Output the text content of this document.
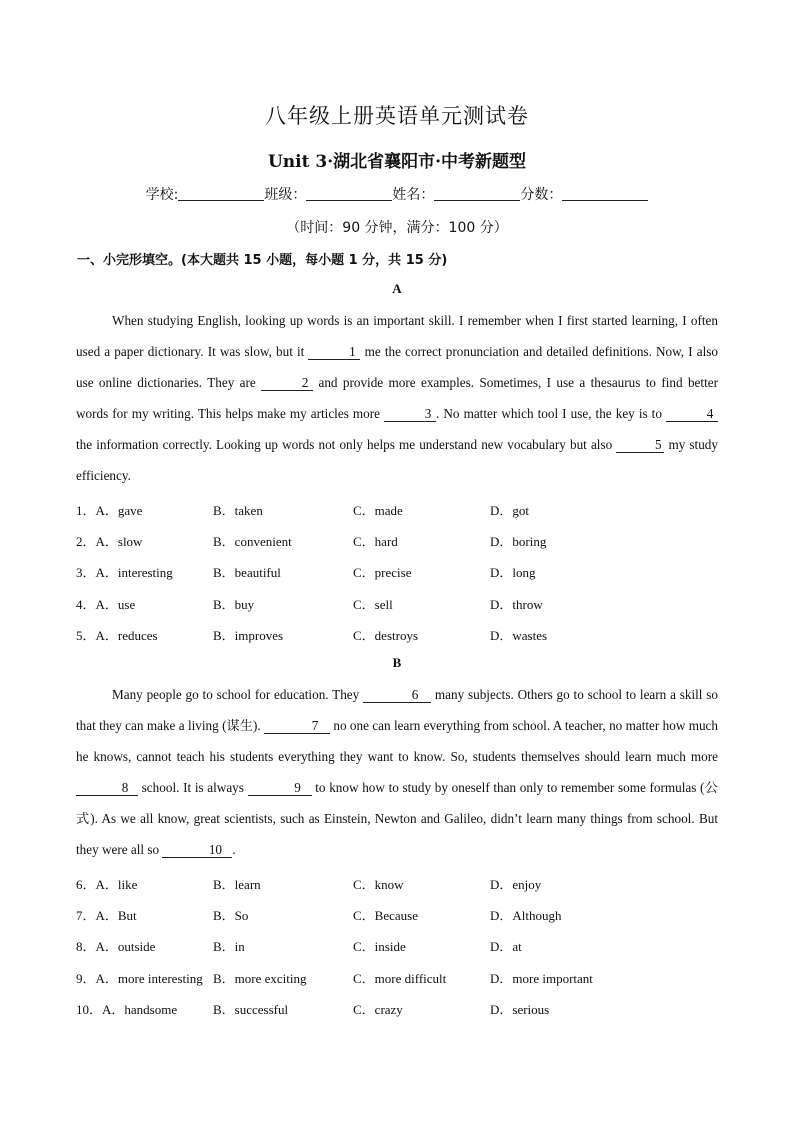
八年级上册英语单元测试卷
Unit 3·湖北省襄阳市·中考新题型
学校:	班级：	姓名：	分数：
（时间：90 分钟，满分：100 分）
一、小完形填空。(本大题共 15 小题，每小题 1 分，共 15 分)
A

When studying English, looking up words is an important skill. I remember when I first started learning, I often used a paper dictionary. It was slow, but it	1 me the correct pronunciation and detailed definitions. Now, I also use online dictionaries. They are	2 and provide more examples. Sometimes, I use a thesaurus to find better words for my writing. This helps make my articles more	3 . No matter which tool I use, the key is to	4 the information correctly. Looking up words not only helps me understand new vocabulary but also	5 my study efficiency.

1．A．gave	B．taken	C．made	D．got
2．A．slow	B．convenient	C．hard	D．boring
3．A．interesting	B．beautiful	C．precise	D．long
4．A．use	B．buy	C．sell	D．throw
5．A．reduces	B．improves	C．destroys	D．wastes
B

Many people go to school for education. They	6 many subjects. Others go to school to learn a skill so that they can make a living (谋生).	7 no one can learn everything from school. A teacher, no matter how much he knows, cannot teach his students everything they want to know. So, students themselves should learn much more 8 school. It is always	9 to know how to study by oneself than only to remember some formulas (公式). As we all know, great scientists, such as Einstein, Newton and Galileo, didn’t learn many things from school. But they were all so	10 .

6．A．like	B．learn	C．know	D．enjoy
7．A．But	B．So	C．Because	D．Although
8．A．outside	B．in	C．inside	D．at
9．A．more interesting B．more exciting	C．more difficult	D．more important
10．A．handsome	B．successful	C．crazy	D．serious
